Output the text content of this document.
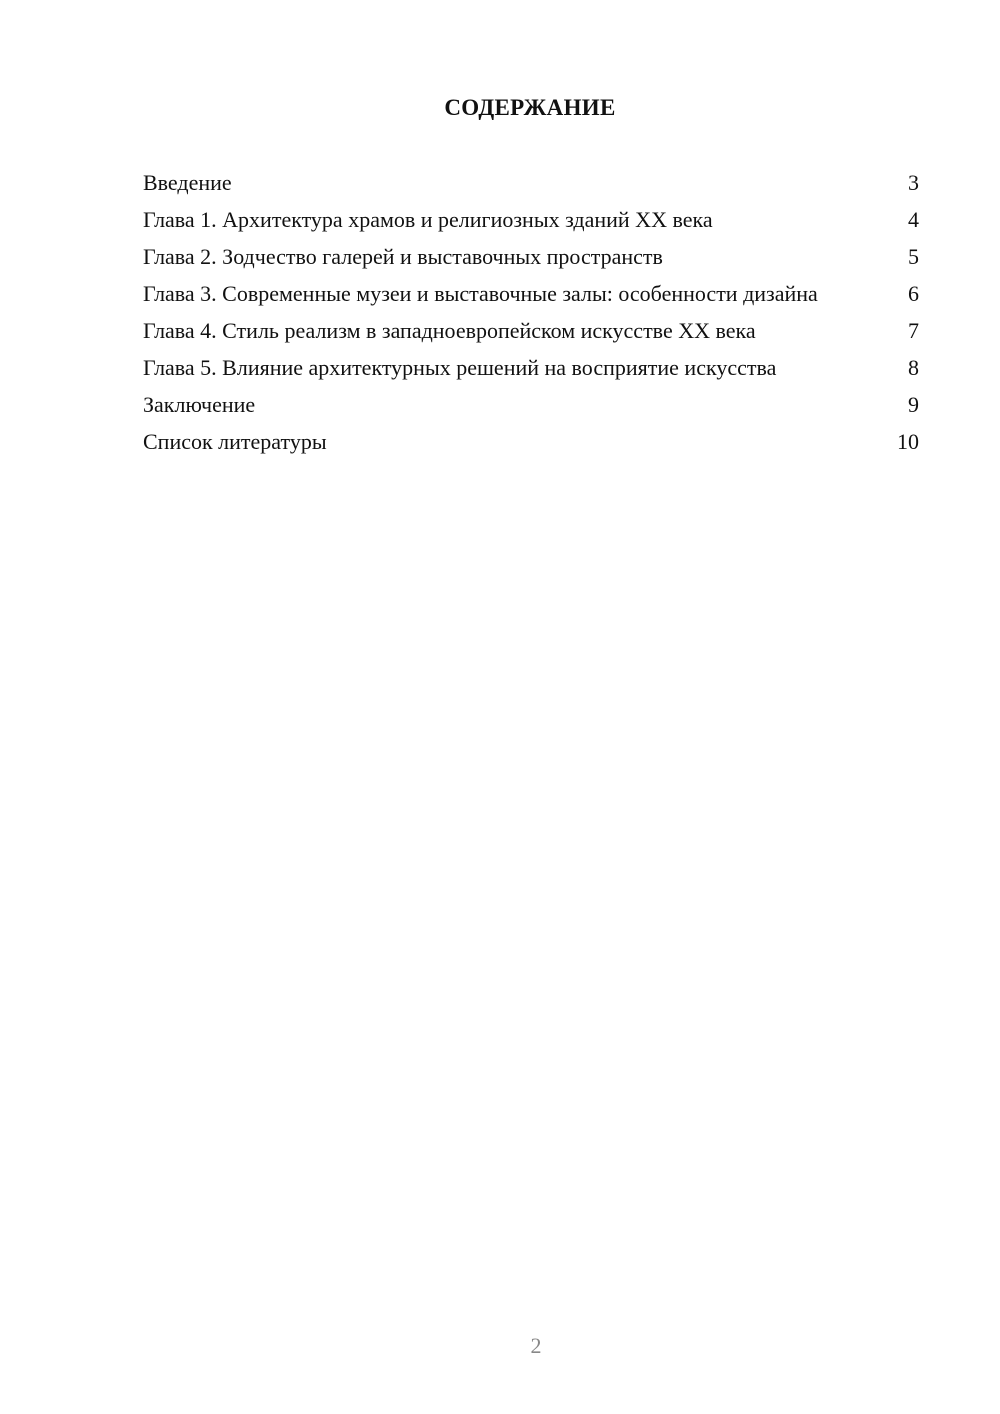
СОДЕРЖАНИЕ
Введение	3
Глава 1. Архитектура храмов и религиозных зданий XX века	4
Глава 2. Зодчество галерей и выставочных пространств	5
Глава 3. Современные музеи и выставочные залы: особенности дизайна	6
Глава 4. Стиль реализм в западноевропейском искусстве XX века	7
Глава 5. Влияние архитектурных решений на восприятие искусства	8
Заключение	9
Список литературы	10
2
